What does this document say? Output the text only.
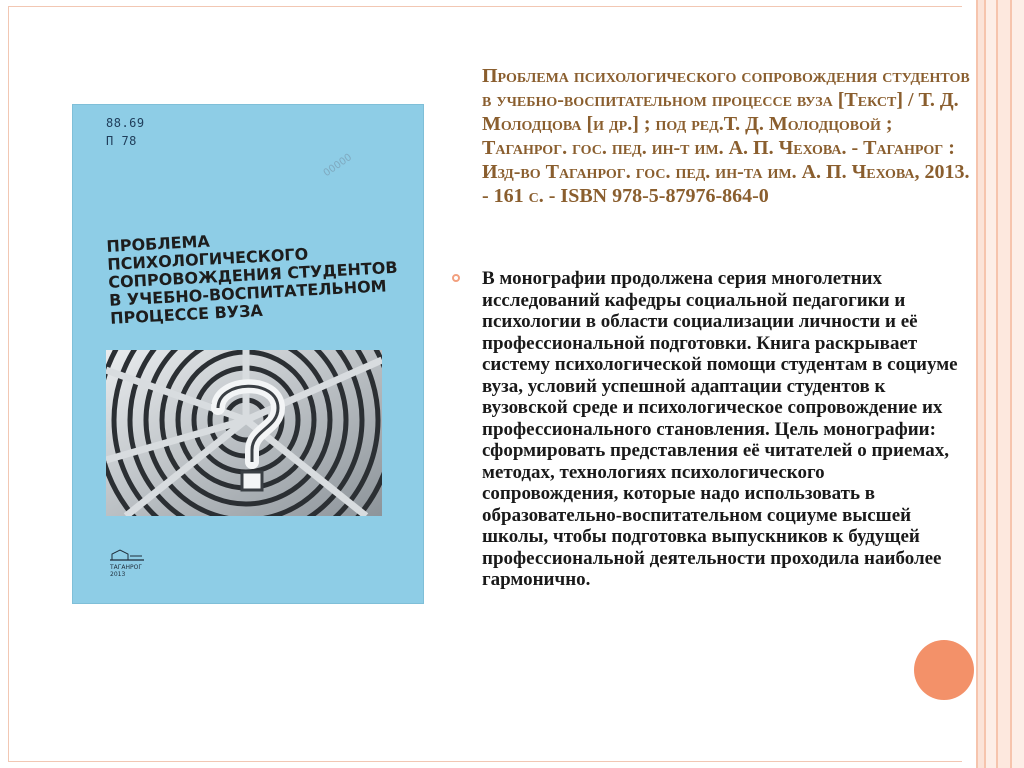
88.69
П 78
00000
ПРОБЛЕМА ПСИХОЛОГИЧЕСКОГО СОПРОВОЖДЕНИЯ СТУДЕНТОВ В УЧЕБНО-ВОСПИТАТЕЛЬНОМ ПРОЦЕССЕ ВУЗА
ТАГАНРОГ
2013
Проблема психологического сопровождения студентов в учебно-воспитательном процессе вуза [Текст] / Т. Д. Молодцова [и др.] ; под ред.Т. Д. Молодцовой ; Таганрог. гос. пед. ин-т им. А. П. Чехова. - Таганрог : Изд-во Таганрог. гос. пед. ин-та им. А. П. Чехова, 2013. - 161 с. - ISBN 978-5-87976-864-0
В монографии продолжена серия многолетних исследований кафедры социальной педагогики и психологии в области социализации личности и её профессиональной подготовки. Книга раскрывает систему психологической помощи студентам в социуме вуза, условий успешной адаптации студентов к вузовской среде и психологическое сопровождение их профессионального становления. Цель монографии: сформировать представления её читателей о приемах, методах, технологиях психологического сопровождения, которые надо использовать в образовательно-воспитательном социуме высшей школы, чтобы подготовка выпускников к будущей профессиональной деятельности проходила наиболее гармонично.
